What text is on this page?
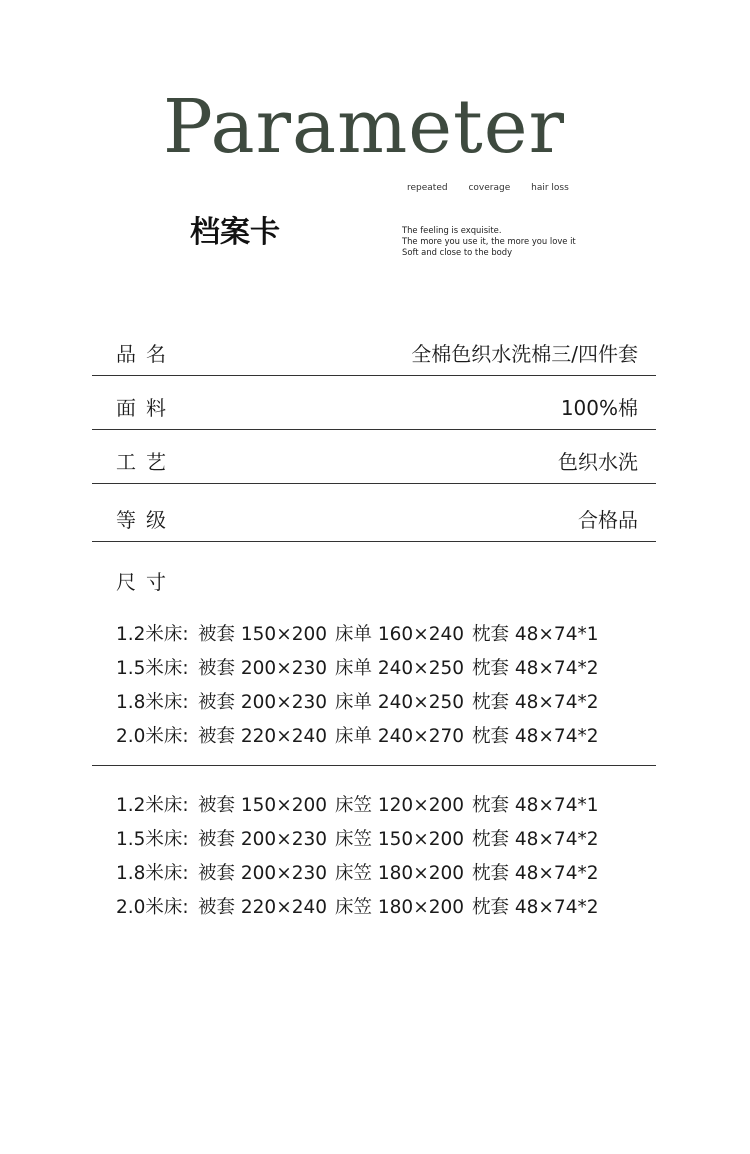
Parameter
repeated coverage hair loss
档案卡	The feeling is exquisite.
The more you use it, the more you love it
Soft and close to the body
品名	全棉色织水洗棉三/四件套
面料	100%棉
工艺	色织水洗
等级	合格品
尺寸
1.2米床: 被套 150×200 床单 160×240 枕套 48×74*1
1.5米床: 被套 200×230 床单 240×250 枕套 48×74*2
1.8米床: 被套 200×230 床单 240×250 枕套 48×74*2
2.0米床: 被套 220×240 床单 240×270 枕套 48×74*2
1.2米床: 被套 150×200 床笠 120×200 枕套 48×74*1
1.5米床: 被套 200×230 床笠 150×200 枕套 48×74*2
1.8米床: 被套 200×230 床笠 180×200 枕套 48×74*2
2.0米床: 被套 220×240 床笠 180×200 枕套 48×74*2
